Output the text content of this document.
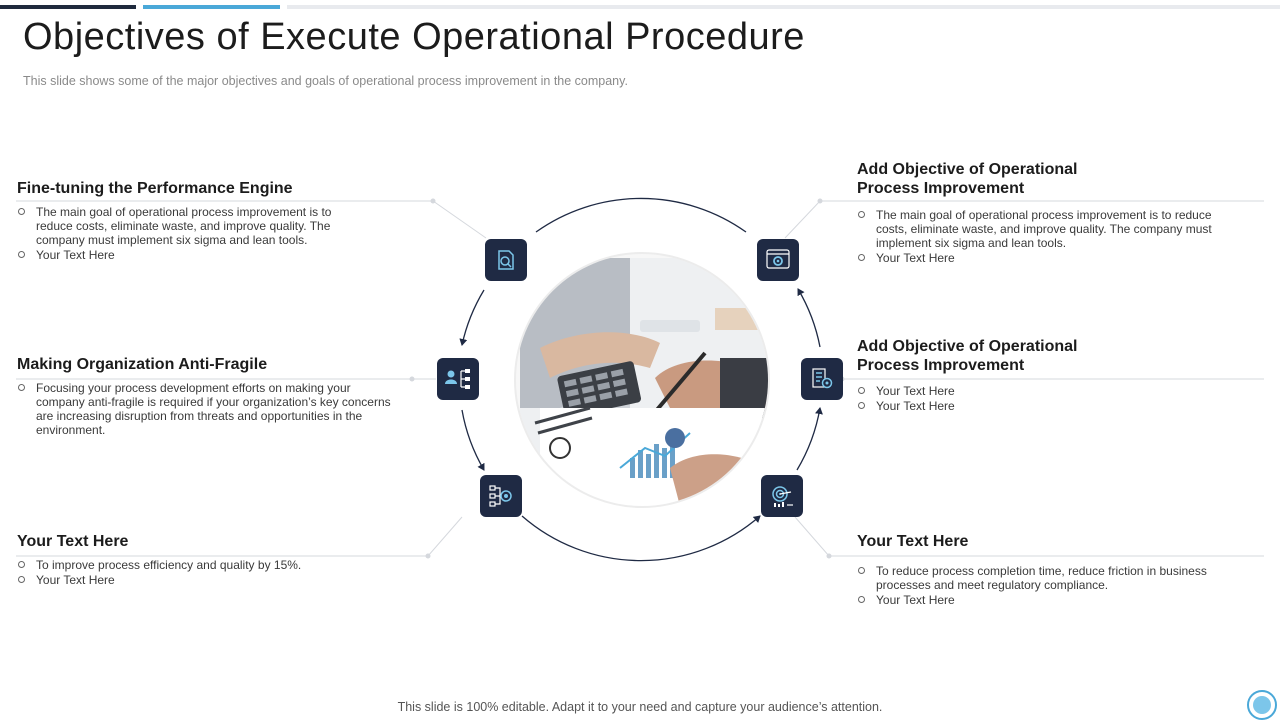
Objectives of Execute Operational Procedure
This slide shows some of the major objectives and goals of operational process improvement in the company.
Fine-tuning the Performance Engine
The main goal of operational process improvement is to reduce costs, eliminate waste, and improve quality. The company must implement six sigma and lean tools.
Your Text Here
Making Organization Anti-Fragile
Focusing your process development efforts on making your company anti-fragile is required if your organization’s key concerns are increasing disruption from threats and opportunities in the environment.
Your Text Here
To improve process efficiency and quality by 15%.
Your Text Here
Add Objective of Operational Process Improvement
The main goal of operational process improvement is to reduce costs, eliminate waste, and improve quality. The company must implement six sigma and lean tools.
Your Text Here
Add Objective of Operational Process Improvement
Your Text Here
Your Text Here
Your Text Here
To reduce process completion time, reduce friction in business processes and meet regulatory compliance.
Your Text Here
This slide is 100% editable. Adapt it to your need and capture your audience’s attention.
